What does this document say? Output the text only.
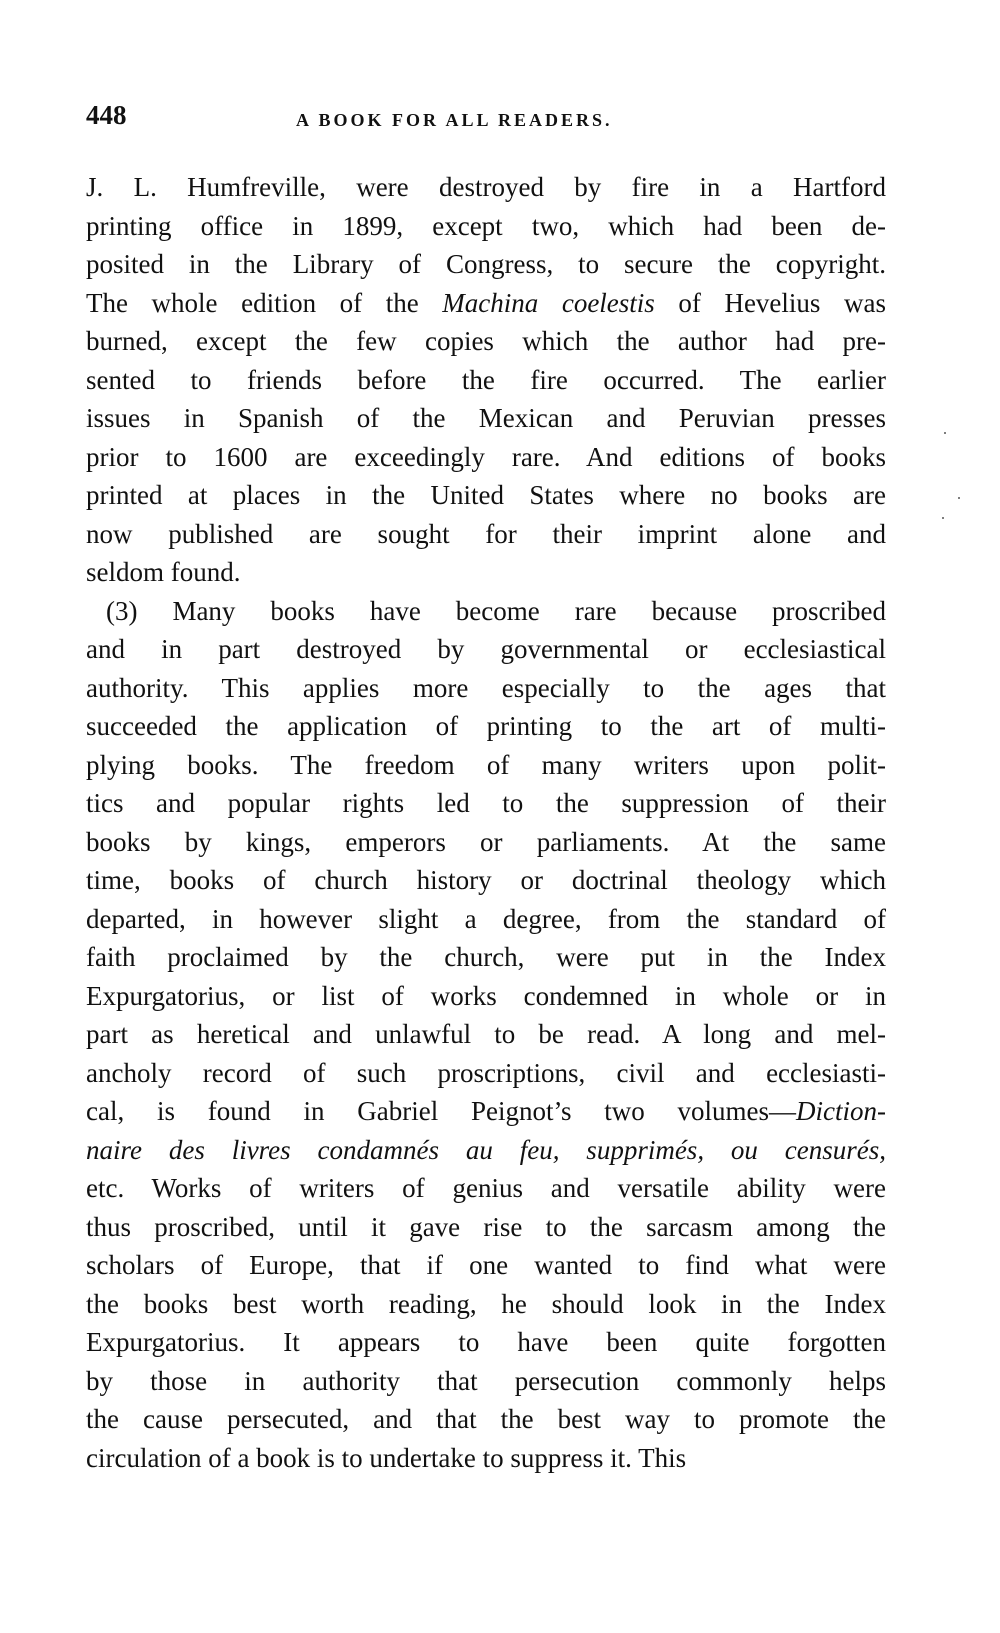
448	A BOOK FOR ALL READERS.
J. L. Humfreville, were destroyed by fire in a Hartford
printing office in 1899, except two, which had been de-
posited in the Library of Congress, to secure the copyright.
The whole edition of the Machina coelestis of Hevelius was
burned, except the few copies which the author had pre-
sented to friends before the fire occurred. The earlier
issues in Spanish of the Mexican and Peruvian presses
prior to 1600 are exceedingly rare. And editions of books
printed at places in the United States where no books are
now published are sought for their imprint alone and
seldom found.
(3) Many books have become rare because proscribed
and in part destroyed by governmental or ecclesiastical
authority. This applies more especially to the ages that
succeeded the application of printing to the art of multi-
plying books. The freedom of many writers upon polit-
tics and popular rights led to the suppression of their
books by kings, emperors or parliaments. At the same
time, books of church history or doctrinal theology which
departed, in however slight a degree, from the standard of
faith proclaimed by the church, were put in the Index
Expurgatorius, or list of works condemned in whole or in
part as heretical and unlawful to be read. A long and mel-
ancholy record of such proscriptions, civil and ecclesiasti-
cal, is found in Gabriel Peignot’s two volumes—Diction-
naire des livres condamnés au feu, supprimés, ou censurés,
etc. Works of writers of genius and versatile ability were
thus proscribed, until it gave rise to the sarcasm among the
scholars of Europe, that if one wanted to find what were
the books best worth reading, he should look in the Index
Expurgatorius. It appears to have been quite forgotten
by those in authority that persecution commonly helps
the cause persecuted, and that the best way to promote the
circulation of a book is to undertake to suppress it. This
